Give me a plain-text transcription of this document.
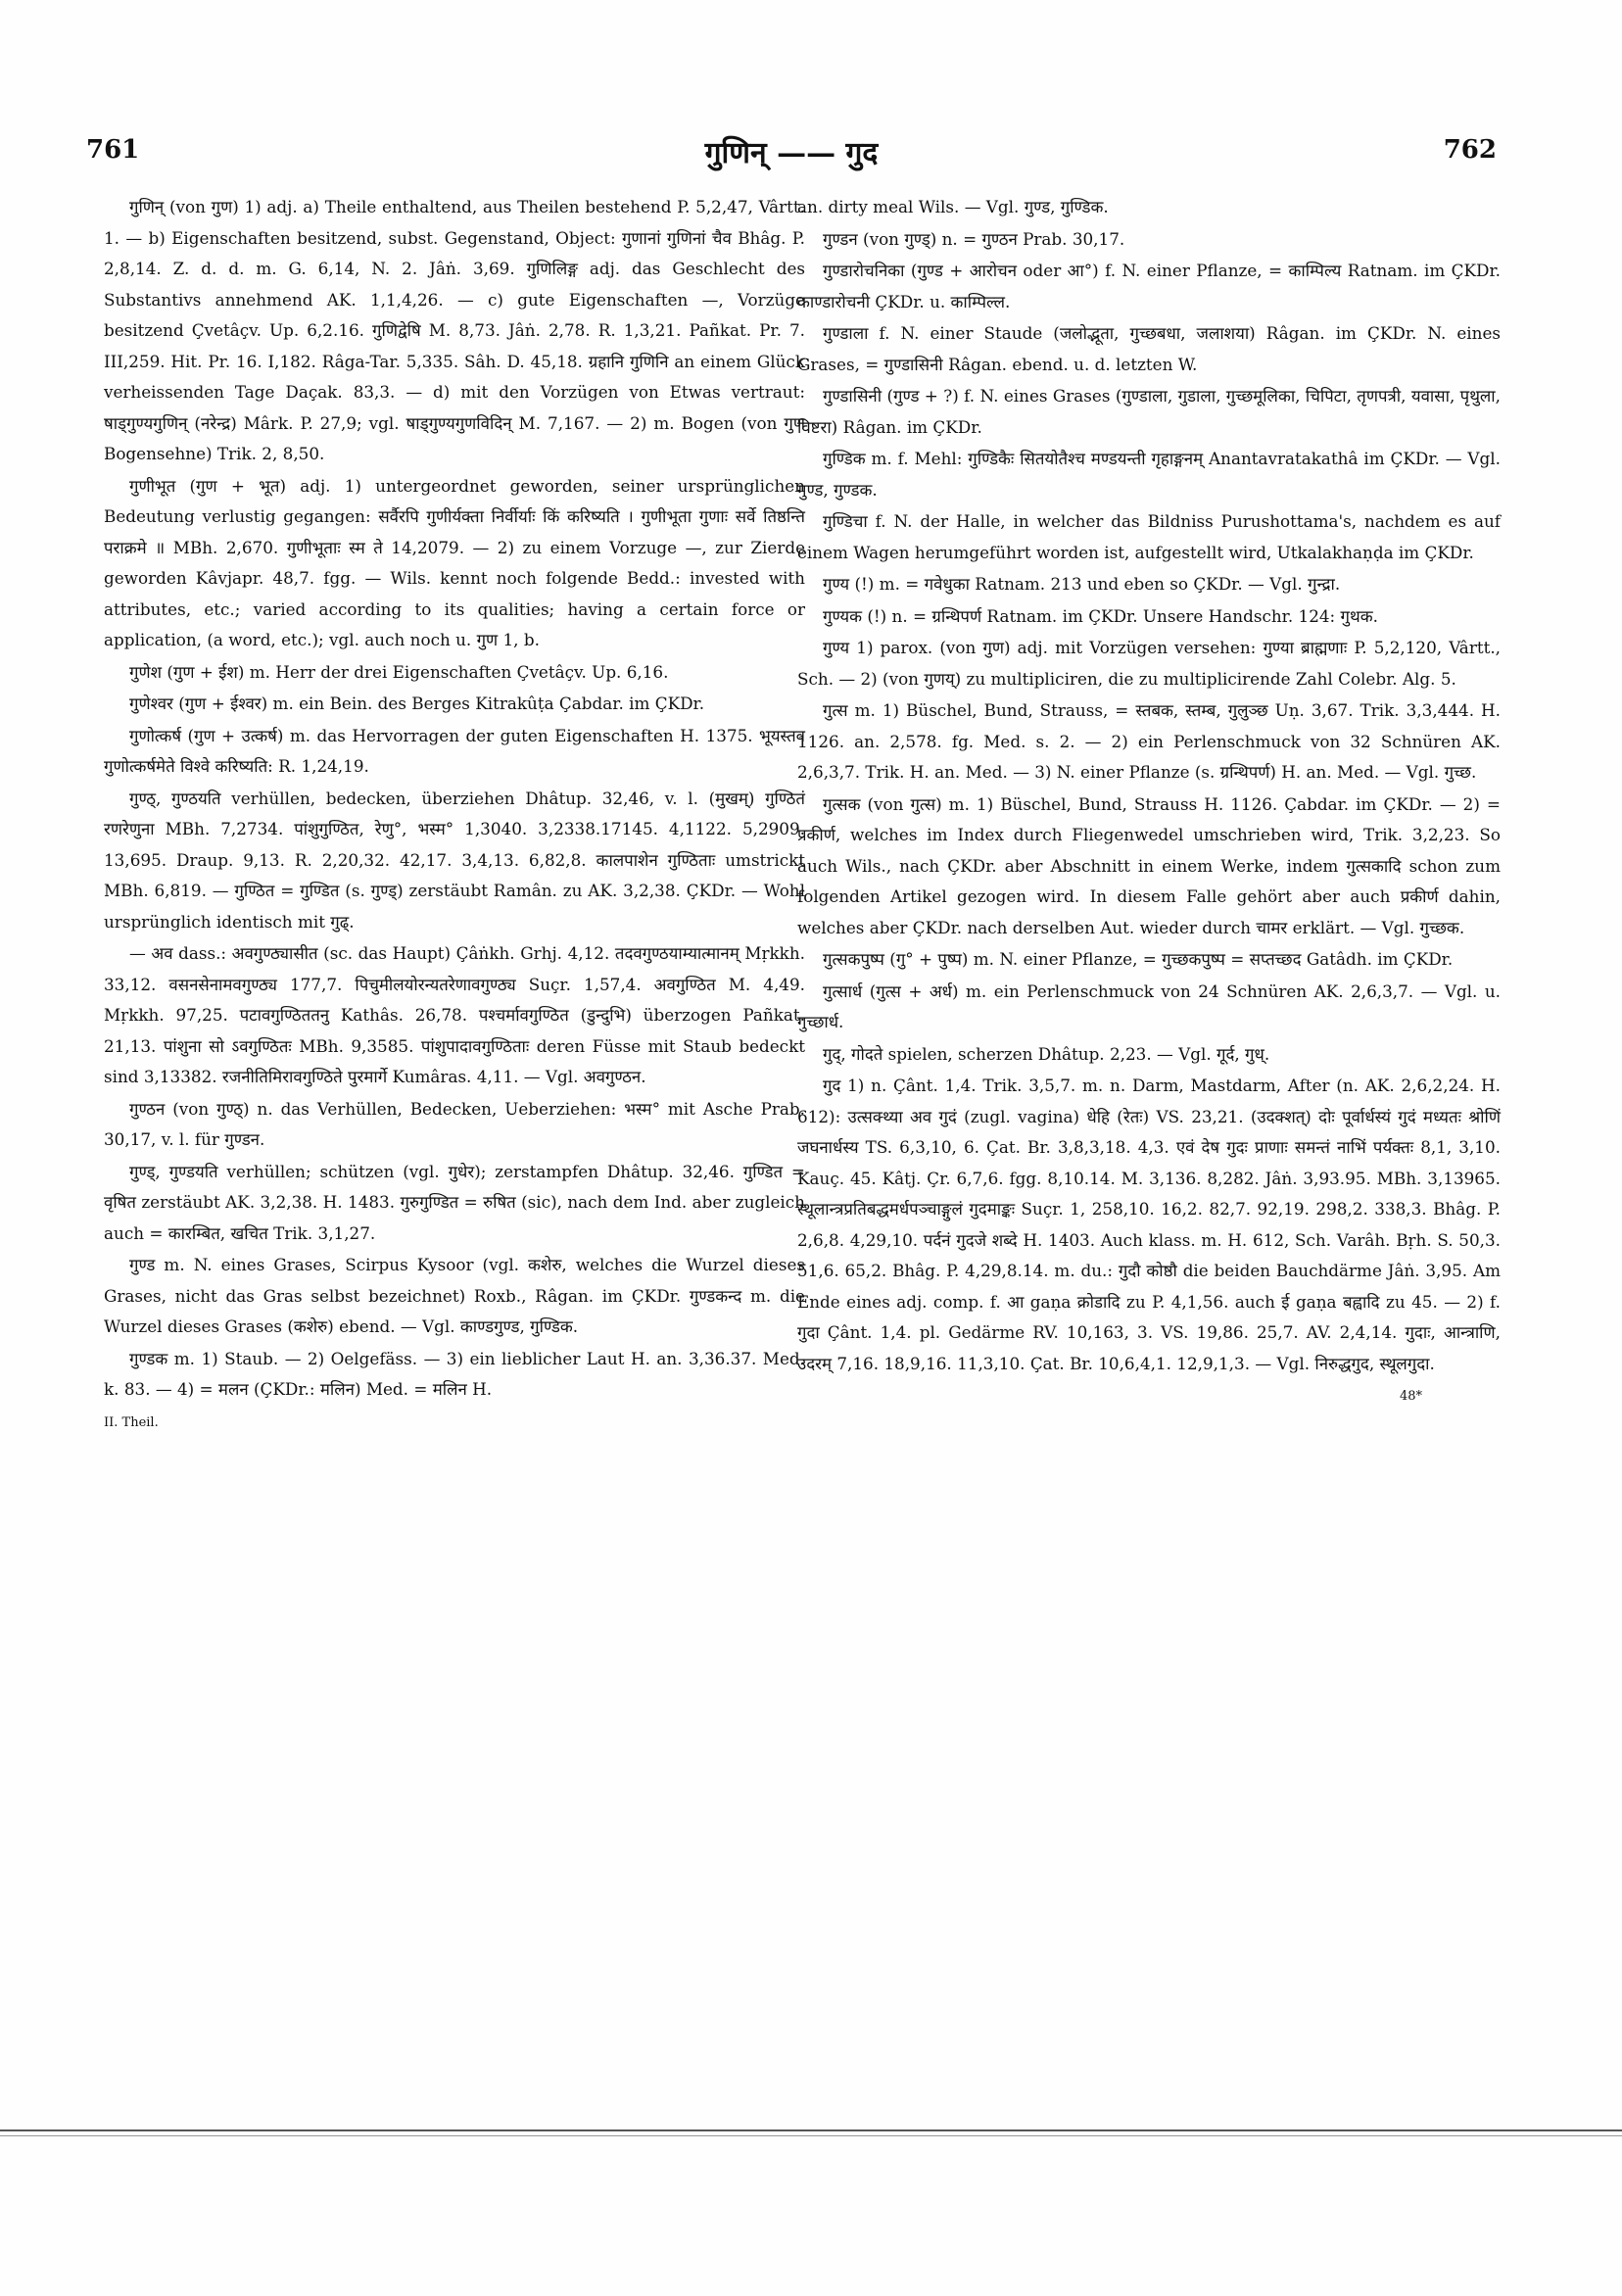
761	गुणिन् —— गुद	762

गुणिन् (von गुण) 1) adj. a) Theile enthaltend, aus Theilen bestehend P. 5,2,47, Vârtt. 1. — b) Eigenschaften besitzend, subst. Gegenstand, Object: गुणानां गुणिनां चैव Bhâg. P. 2,8,14. Z. d. d. m. G. 6,14, N. 2. Jâṅ. 3,69. गुणिलिङ्ग adj. das Geschlecht des Substantivs annehmend AK. 1,1,4,26. — c) gute Eigenschaften —, Vorzüge besitzend Çvetâçv. Up. 6,2.16. गुणिद्वेषि M. 8,73. Jâṅ. 2,78. R. 1,3,21. Pañkat. Pr. 7. III,259. Hit. Pr. 16. I,182. Râga-Tar. 5,335. Sâh. D. 45,18. ग्रहानि गुणिनि an einem Glück verheissenden Tage Daçak. 83,3. — d) mit den Vorzügen von Etwas vertraut: षाड्गुण्यगुणिन् (नरेन्द्र) Mârk. P. 27,9; vgl. षाड्गुण्यगुणविदिन् M. 7,167. — 2) m. Bogen (von गुण Bogensehne) Trik. 2, 8,50.

गुणीभूत (गुण + भूत) adj. 1) untergeordnet geworden, seiner ursprünglichen Bedeutung verlustig gegangen: सर्वैरपि गुणीर्यक्ता निर्वीर्याः किं करिष्यति । गुणीभूता गुणाः सर्वे तिष्ठन्ति पराक्रमे ॥ MBh. 2,670. गुणीभूताः स्म ते 14,2079. — 2) zu einem Vorzuge —, zur Zierde geworden Kâvjapr. 48,7. fgg. — Wils. kennt noch folgende Bedd.: invested with attributes, etc.; varied according to its qualities; having a certain force or application, (a word, etc.); vgl. auch noch u. गुण 1, b.

गुणेश (गुण + ईश) m. Herr der drei Eigenschaften Çvetâçv. Up. 6,16.

गुणेश्वर (गुण + ईश्वर) m. ein Bein. des Berges Kitrakûṭa Çabdar. im ÇKDr.

गुणोत्कर्ष (गुण + उत्कर्ष) m. das Hervorragen der guten Eigenschaften H. 1375. भूयस्तव गुणोत्कर्षमेते विश्वे करिष्यति: R. 1,24,19.

गुण्ठ्, गुण्ठयति verhüllen, bedecken, überziehen Dhâtup. 32,46, v. l. (मुखम्) गुण्ठितं रणरेणुना MBh. 7,2734. पांशुगुण्ठित, रेणु°, भस्म° 1,3040. 3,2338.17145. 4,1122. 5,2909. 13,695. Draup. 9,13. R. 2,20,32. 42,17. 3,4,13. 6,82,8. कालपाशेन गुण्ठिताः umstrickt MBh. 6,819. — गुण्ठित = गुण्डित (s. गुण्ड्) zerstäubt Ramân. zu AK. 3,2,38. ÇKDr. — Wohl ursprünglich identisch mit गुढ्.

— अव dass.: अवगुण्ठ्यासीत (sc. das Haupt) Çâṅkh. Grhj. 4,12. तदवगुण्ठयाम्यात्मानम् Mṛkkh. 33,12. वसनसेनामवगुण्ठ्य 177,7. पिचुमीलयोरन्यतरेणावगुण्ठ्य Suçr. 1,57,4. अवगुण्ठित M. 4,49. Mṛkkh. 97,25. पटावगुण्ठिततनु Kathâs. 26,78. पश्चर्मावगुण्ठित (डुन्दुभि) überzogen Pañkat. 21,13. पांशुना सो ऽवगुण्ठितः MBh. 9,3585. पांशुपादावगुण्ठिताः deren Füsse mit Staub bedeckt sind 3,13382. रजनीतिमिरावगुण्ठिते पुरमार्गे Kumâras. 4,11. — Vgl. अवगुण्ठन.

गुण्ठन (von गुण्ठ्) n. das Verhüllen, Bedecken, Ueberziehen: भस्म° mit Asche Prab. 30,17, v. l. für गुण्डन.

गुण्ड्, गुण्डयति verhüllen; schützen (vgl. गुधेर); zerstampfen Dhâtup. 32,46. गुण्डित = वृषित zerstäubt AK. 3,2,38. H. 1483. गुरुगुण्डित = रुषित (sic), nach dem Ind. aber zugleich auch = कारम्बित, खचित Trik. 3,1,27.

गुण्ड m. N. eines Grases, Scirpus Kysoor (vgl. कशेरु, welches die Wurzel dieses Grases, nicht das Gras selbst bezeichnet) Roxb., Râgan. im ÇKDr. गुण्डकन्द m. die Wurzel dieses Grases (कशेरु) ebend. — Vgl. काण्डगुण्ड, गुण्डिक.

गुण्डक m. 1) Staub. — 2) Oelgefäss. — 3) ein lieblicher Laut H. an. 3,36.37. Med. k. 83. — 4) = मलन (ÇKDr.: मलिन) Med. = मलिन H.

II. Theil.

an. dirty meal Wils. — Vgl. गुण्ड, गुण्डिक.

गुण्डन (von गुण्ड्) n. = गुण्ठन Prab. 30,17.

गुण्डारोचनिका (गुण्ड + आरोचन oder आ°) f. N. einer Pflanze, = काम्पिल्य Ratnam. im ÇKDr. काण्डारोचनी ÇKDr. u. काम्पिल्ल.

गुण्डाला f. N. einer Staude (जलोद्भूता, गुच्छबधा, जलाशया) Râgan. im ÇKDr. N. eines Grases, = गुण्डासिनी Râgan. ebend. u. d. letzten W.

गुण्डासिनी (गुण्ड + ?) f. N. eines Grases (गुण्डाला, गुडाला, गुच्छमूलिका, चिपिटा, तृणपत्री, यवासा, पृथुला, विष्टरा) Râgan. im ÇKDr.

गुण्डिक m. f. Mehl: गुण्डिकैः सितयोतैश्च मण्डयन्ती गृहाङ्गनम् Anantavratakathâ im ÇKDr. — Vgl. गुण्ड, गुण्डक.

गुण्डिचा f. N. der Halle, in welcher das Bildniss Purushottama's, nachdem es auf einem Wagen herumgeführt worden ist, aufgestellt wird, Utkalakhaṇḍa im ÇKDr.

गुण्य (!) m. = गवेधुका Ratnam. 213 und eben so ÇKDr. — Vgl. गुन्द्रा.

गुण्यक (!) n. = ग्रन्थिपर्ण Ratnam. im ÇKDr. Unsere Handschr. 124: गुथक.

गुण्य 1) parox. (von गुण) adj. mit Vorzügen versehen: गुण्या ब्राह्मणाः P. 5,2,120, Vârtt., Sch. — 2) (von गुणय्) zu multipliciren, die zu multiplicirende Zahl Colebr. Alg. 5.

गुत्स m. 1) Büschel, Bund, Strauss, = स्तबक, स्तम्ब, गुलुञ्छ Uṇ. 3,67. Trik. 3,3,444. H. 1126. an. 2,578. fg. Med. s. 2. — 2) ein Perlenschmuck von 32 Schnüren AK. 2,6,3,7. Trik. H. an. Med. — 3) N. einer Pflanze (s. ग्रन्थिपर्ण) H. an. Med. — Vgl. गुच्छ.

गुत्सक (von गुत्स) m. 1) Büschel, Bund, Strauss H. 1126. Çabdar. im ÇKDr. — 2) = प्रकीर्ण, welches im Index durch Fliegenwedel umschrieben wird, Trik. 3,2,23. So auch Wils., nach ÇKDr. aber Abschnitt in einem Werke, indem गुत्सकादि schon zum folgenden Artikel gezogen wird. In diesem Falle gehört aber auch प्रकीर्ण dahin, welches aber ÇKDr. nach derselben Aut. wieder durch चामर erklärt. — Vgl. गुच्छक.

गुत्सकपुष्प (गु° + पुष्प) m. N. einer Pflanze, = गुच्छकपुष्प = सप्तच्छद Gatâdh. im ÇKDr.

गुत्सार्ध (गुत्स + अर्ध) m. ein Perlenschmuck von 24 Schnüren AK. 2,6,3,7. — Vgl. u. गुच्छार्ध.

गुद्, गोदते spielen, scherzen Dhâtup. 2,23. — Vgl. गूर्द, गुध्.

गुद 1) n. Çânt. 1,4. Trik. 3,5,7. m. n. Darm, Mastdarm, After (n. AK. 2,6,2,24. H. 612): उत्सक्थ्या अव गुदं (zugl. vagina) धेहि (रेतः) VS. 23,21. (उदक्शत्) दोः पूर्वार्धस्यं गुदं मध्यतः श्रोणिं जघनार्धस्य TS. 6,3,10, 6. Çat. Br. 3,8,3,18. 4,3. एवं देष गुदः प्राणाः समन्तं नाभिं पर्यक्तः 8,1, 3,10. Kauç. 45. Kâtj. Çr. 6,7,6. fgg. 8,10.14. M. 3,136. 8,282. Jâṅ. 3,93.95. MBh. 3,13965. स्थूलान्त्रप्रतिबद्धमर्धपञ्चाङ्गुलं गुदमाङ्कः Suçr. 1, 258,10. 16,2. 82,7. 92,19. 298,2. 338,3. Bhâg. P. 2,6,8. 4,29,10. पर्दनं गुदजे शब्दे H. 1403. Auch klass. m. H. 612, Sch. Varâh. Bṛh. S. 50,3. 51,6. 65,2. Bhâg. P. 4,29,8.14. m. du.: गुदौ कोष्ठौ die beiden Bauchdärme Jâṅ. 3,95. Am Ende eines adj. comp. f. आ gaṇa क्रोडादि zu P. 4,1,56. auch ई gaṇa बह्वादि zu 45. — 2) f. गुदा Çânt. 1,4. pl. Gedärme RV. 10,163, 3. VS. 19,86. 25,7. AV. 2,4,14. गुदाः, आन्त्राणि, उदरम् 7,16. 18,9,16. 11,3,10. Çat. Br. 10,6,4,1. 12,9,1,3. — Vgl. निरुद्धगुद, स्थूलगुदा.

48*
